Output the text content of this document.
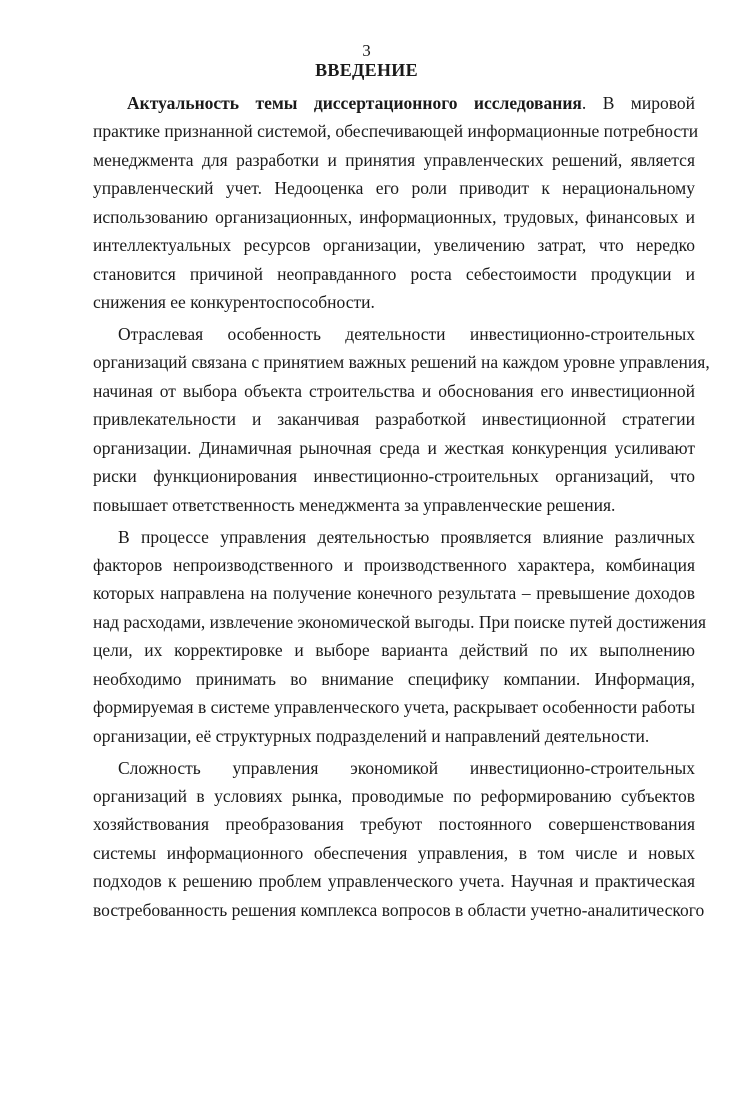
3
ВВЕДЕНИЕ
Актуальность темы диссертационного исследования. В мировой
практике признанной системой, обеспечивающей информационные потребности
менеджмента для разработки и принятия управленческих решений, является
управленческий учет. Недооценка его роли приводит к нерациональному
использованию организационных, информационных, трудовых, финансовых и
интеллектуальных ресурсов организации, увеличению затрат, что нередко
становится причиной неоправданного роста себестоимости продукции и
снижения ее конкурентоспособности.
Отраслевая особенность деятельности инвестиционно-строительных
организаций связана с принятием важных решений на каждом уровне управления,
начиная от выбора объекта строительства и обоснования его инвестиционной
привлекательности и заканчивая разработкой инвестиционной стратегии
организации. Динамичная рыночная среда и жесткая конкуренция усиливают
риски функционирования инвестиционно-строительных организаций, что
повышает ответственность менеджмента за управленческие решения.
В процессе управления деятельностью проявляется влияние различных
факторов непроизводственного и производственного характера, комбинация
которых направлена на получение конечного результата – превышение доходов
над расходами, извлечение экономической выгоды. При поиске путей достижения
цели, их корректировке и выборе варианта действий по их выполнению
необходимо принимать во внимание специфику компании. Информация,
формируемая в системе управленческого учета, раскрывает особенности работы
организации, её структурных подразделений и направлений деятельности.
Сложность управления экономикой инвестиционно-строительных
организаций в условиях рынка, проводимые по реформированию субъектов
хозяйствования преобразования требуют постоянного совершенствования
системы информационного обеспечения управления, в том числе и новых
подходов к решению проблем управленческого учета. Научная и практическая
востребованность решения комплекса вопросов в области учетно-аналитического
